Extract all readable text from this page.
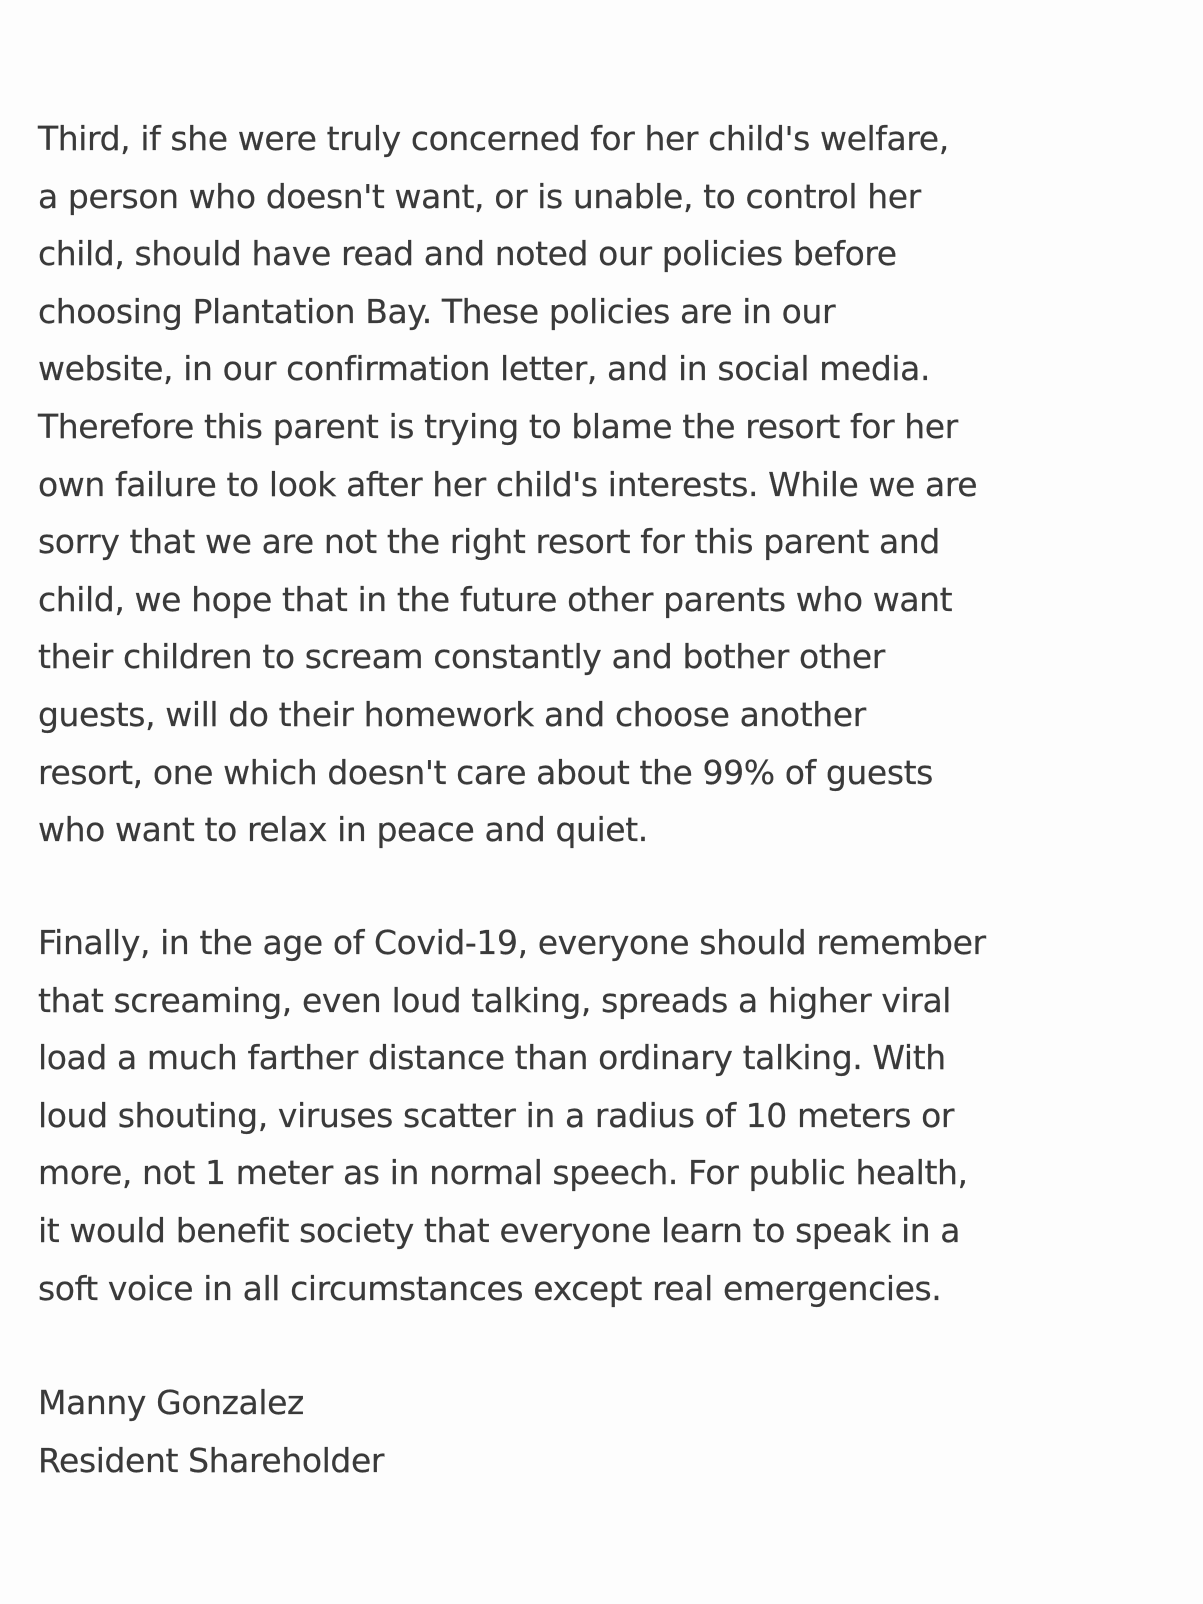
Third, if she were truly concerned for her child's welfare,
a person who doesn't want, or is unable, to control her
child, should have read and noted our policies before
choosing Plantation Bay. These policies are in our
website, in our confirmation letter, and in social media.
Therefore this parent is trying to blame the resort for her
own failure to look after her child's interests. While we are
sorry that we are not the right resort for this parent and
child, we hope that in the future other parents who want
their children to scream constantly and bother other
guests, will do their homework and choose another
resort, one which doesn't care about the 99% of guests
who want to relax in peace and quiet.

Finally, in the age of Covid-19, everyone should remember
that screaming, even loud talking, spreads a higher viral
load a much farther distance than ordinary talking. With
loud shouting, viruses scatter in a radius of 10 meters or
more, not 1 meter as in normal speech. For public health,
it would benefit society that everyone learn to speak in a
soft voice in all circumstances except real emergencies.

Manny Gonzalez
Resident Shareholder
